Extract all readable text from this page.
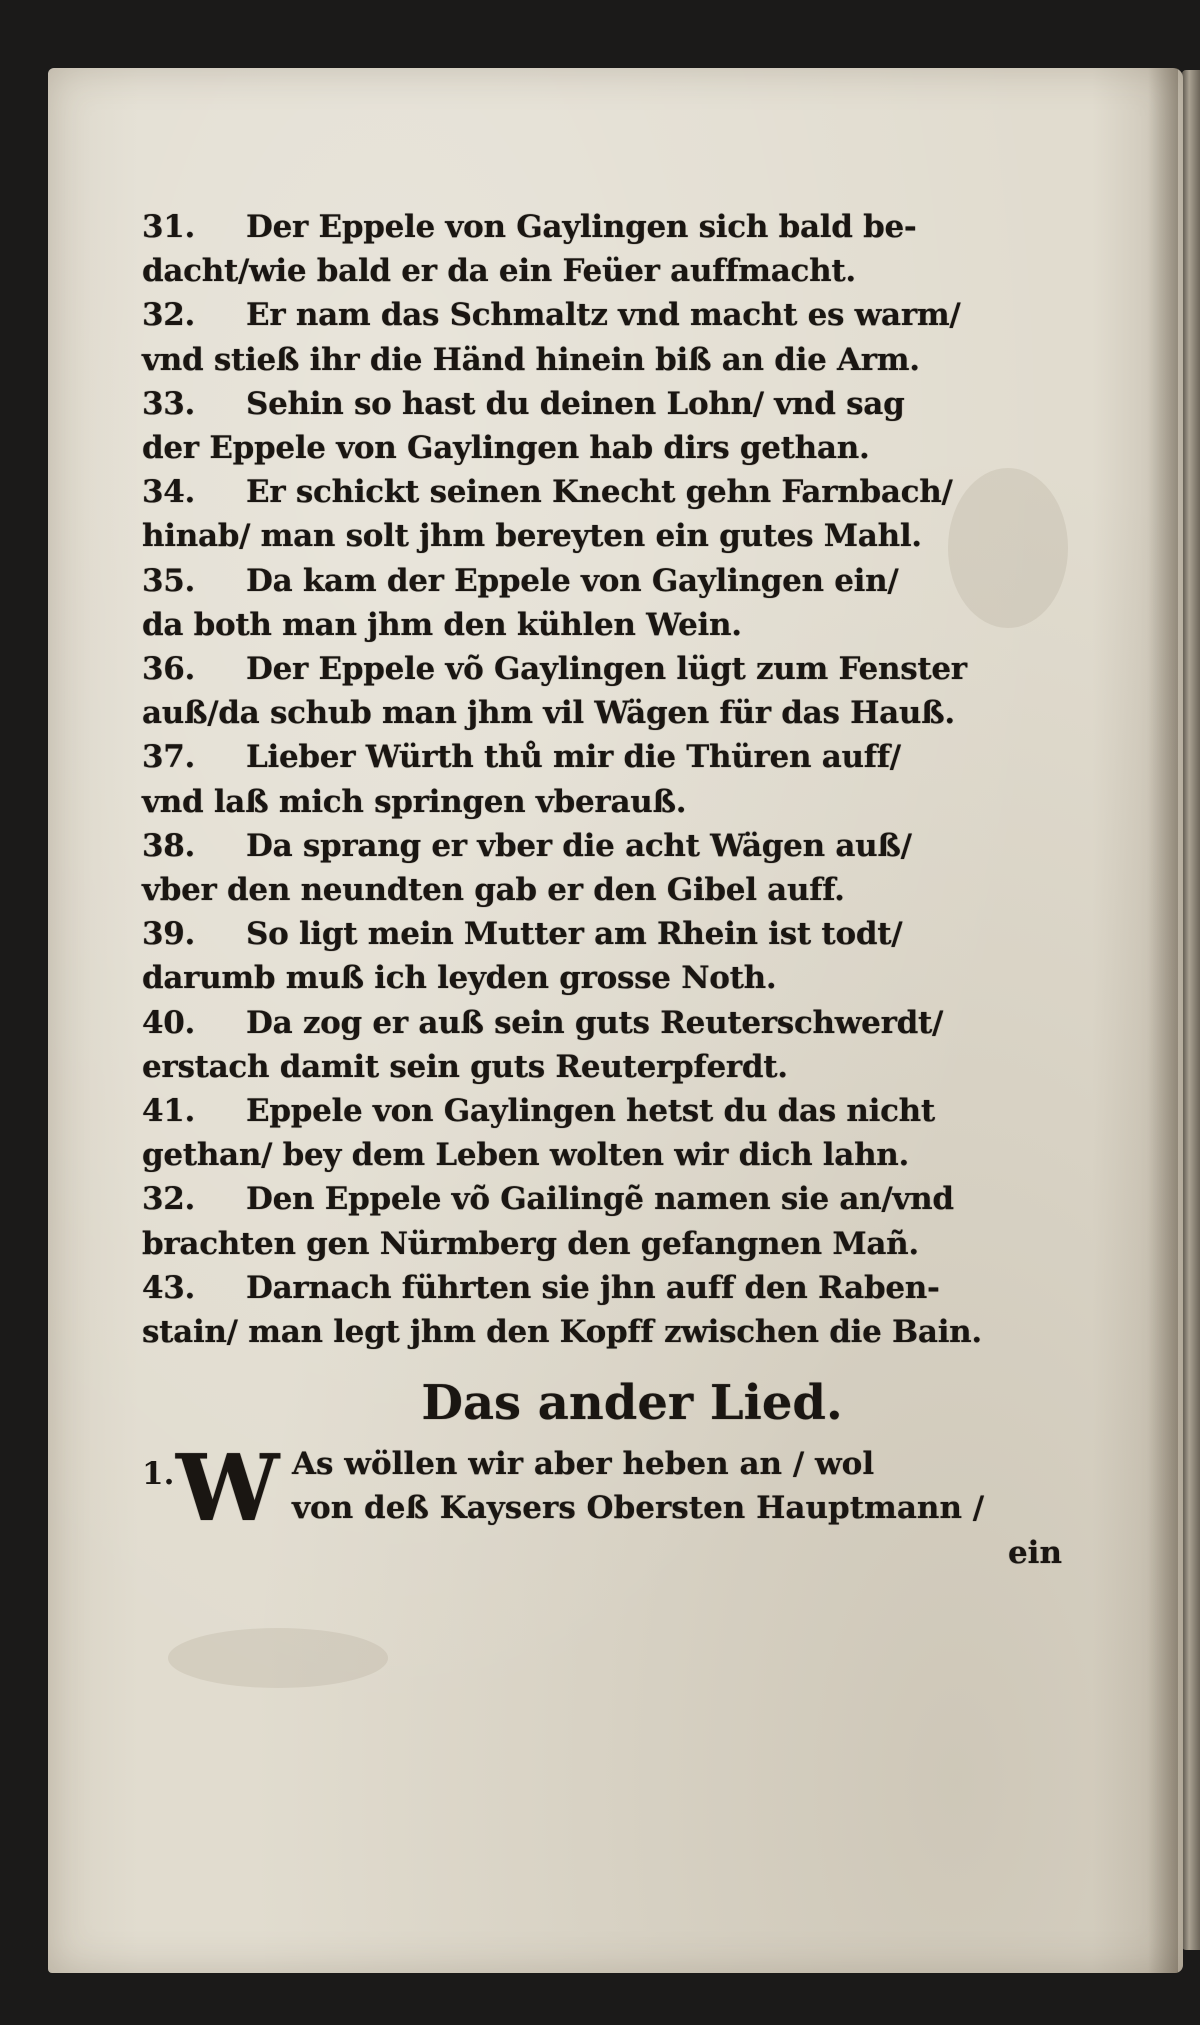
31. Der Eppele von Gaylingen sich bald be-
dacht/wie bald er da ein Feüer auffmacht.
32. Er nam das Schmaltz vnd macht es warm/
vnd stieß ihr die Händ hinein biß an die Arm.
33. Sehin so hast du deinen Lohn/ vnd sag
der Eppele von Gaylingen hab dirs gethan.
34. Er schickt seinen Knecht gehn Farnbach/
hinab/ man solt jhm bereyten ein gutes Mahl.
35. Da kam der Eppele von Gaylingen ein/
da both man jhm den kühlen Wein.
36. Der Eppele võ Gaylingen lügt zum Fenster
auß/da schub man jhm vil Wägen für das Hauß.
37. Lieber Würth thů mir die Thüren auff/
vnd laß mich springen vberauß.
38. Da sprang er vber die acht Wägen auß/
vber den neundten gab er den Gibel auff.
39. So ligt mein Mutter am Rhein ist todt/
darumb muß ich leyden grosse Noth.
40. Da zog er auß sein guts Reuterschwerdt/
erstach damit sein guts Reuterpferdt.
41. Eppele von Gaylingen hetst du das nicht
gethan/ bey dem Leben wolten wir dich lahn.
32. Den Eppele võ Gailingẽ namen sie an/vnd
brachten gen Nürmberg den gefangnen Mañ.
43. Darnach führten sie jhn auff den Raben-
stain/ man legt jhm den Kopff zwischen die Bain.
Das ander Lied.
1. W As wöllen wir aber heben an / wol
von deß Kaysers Obersten Hauptmann /
ein
